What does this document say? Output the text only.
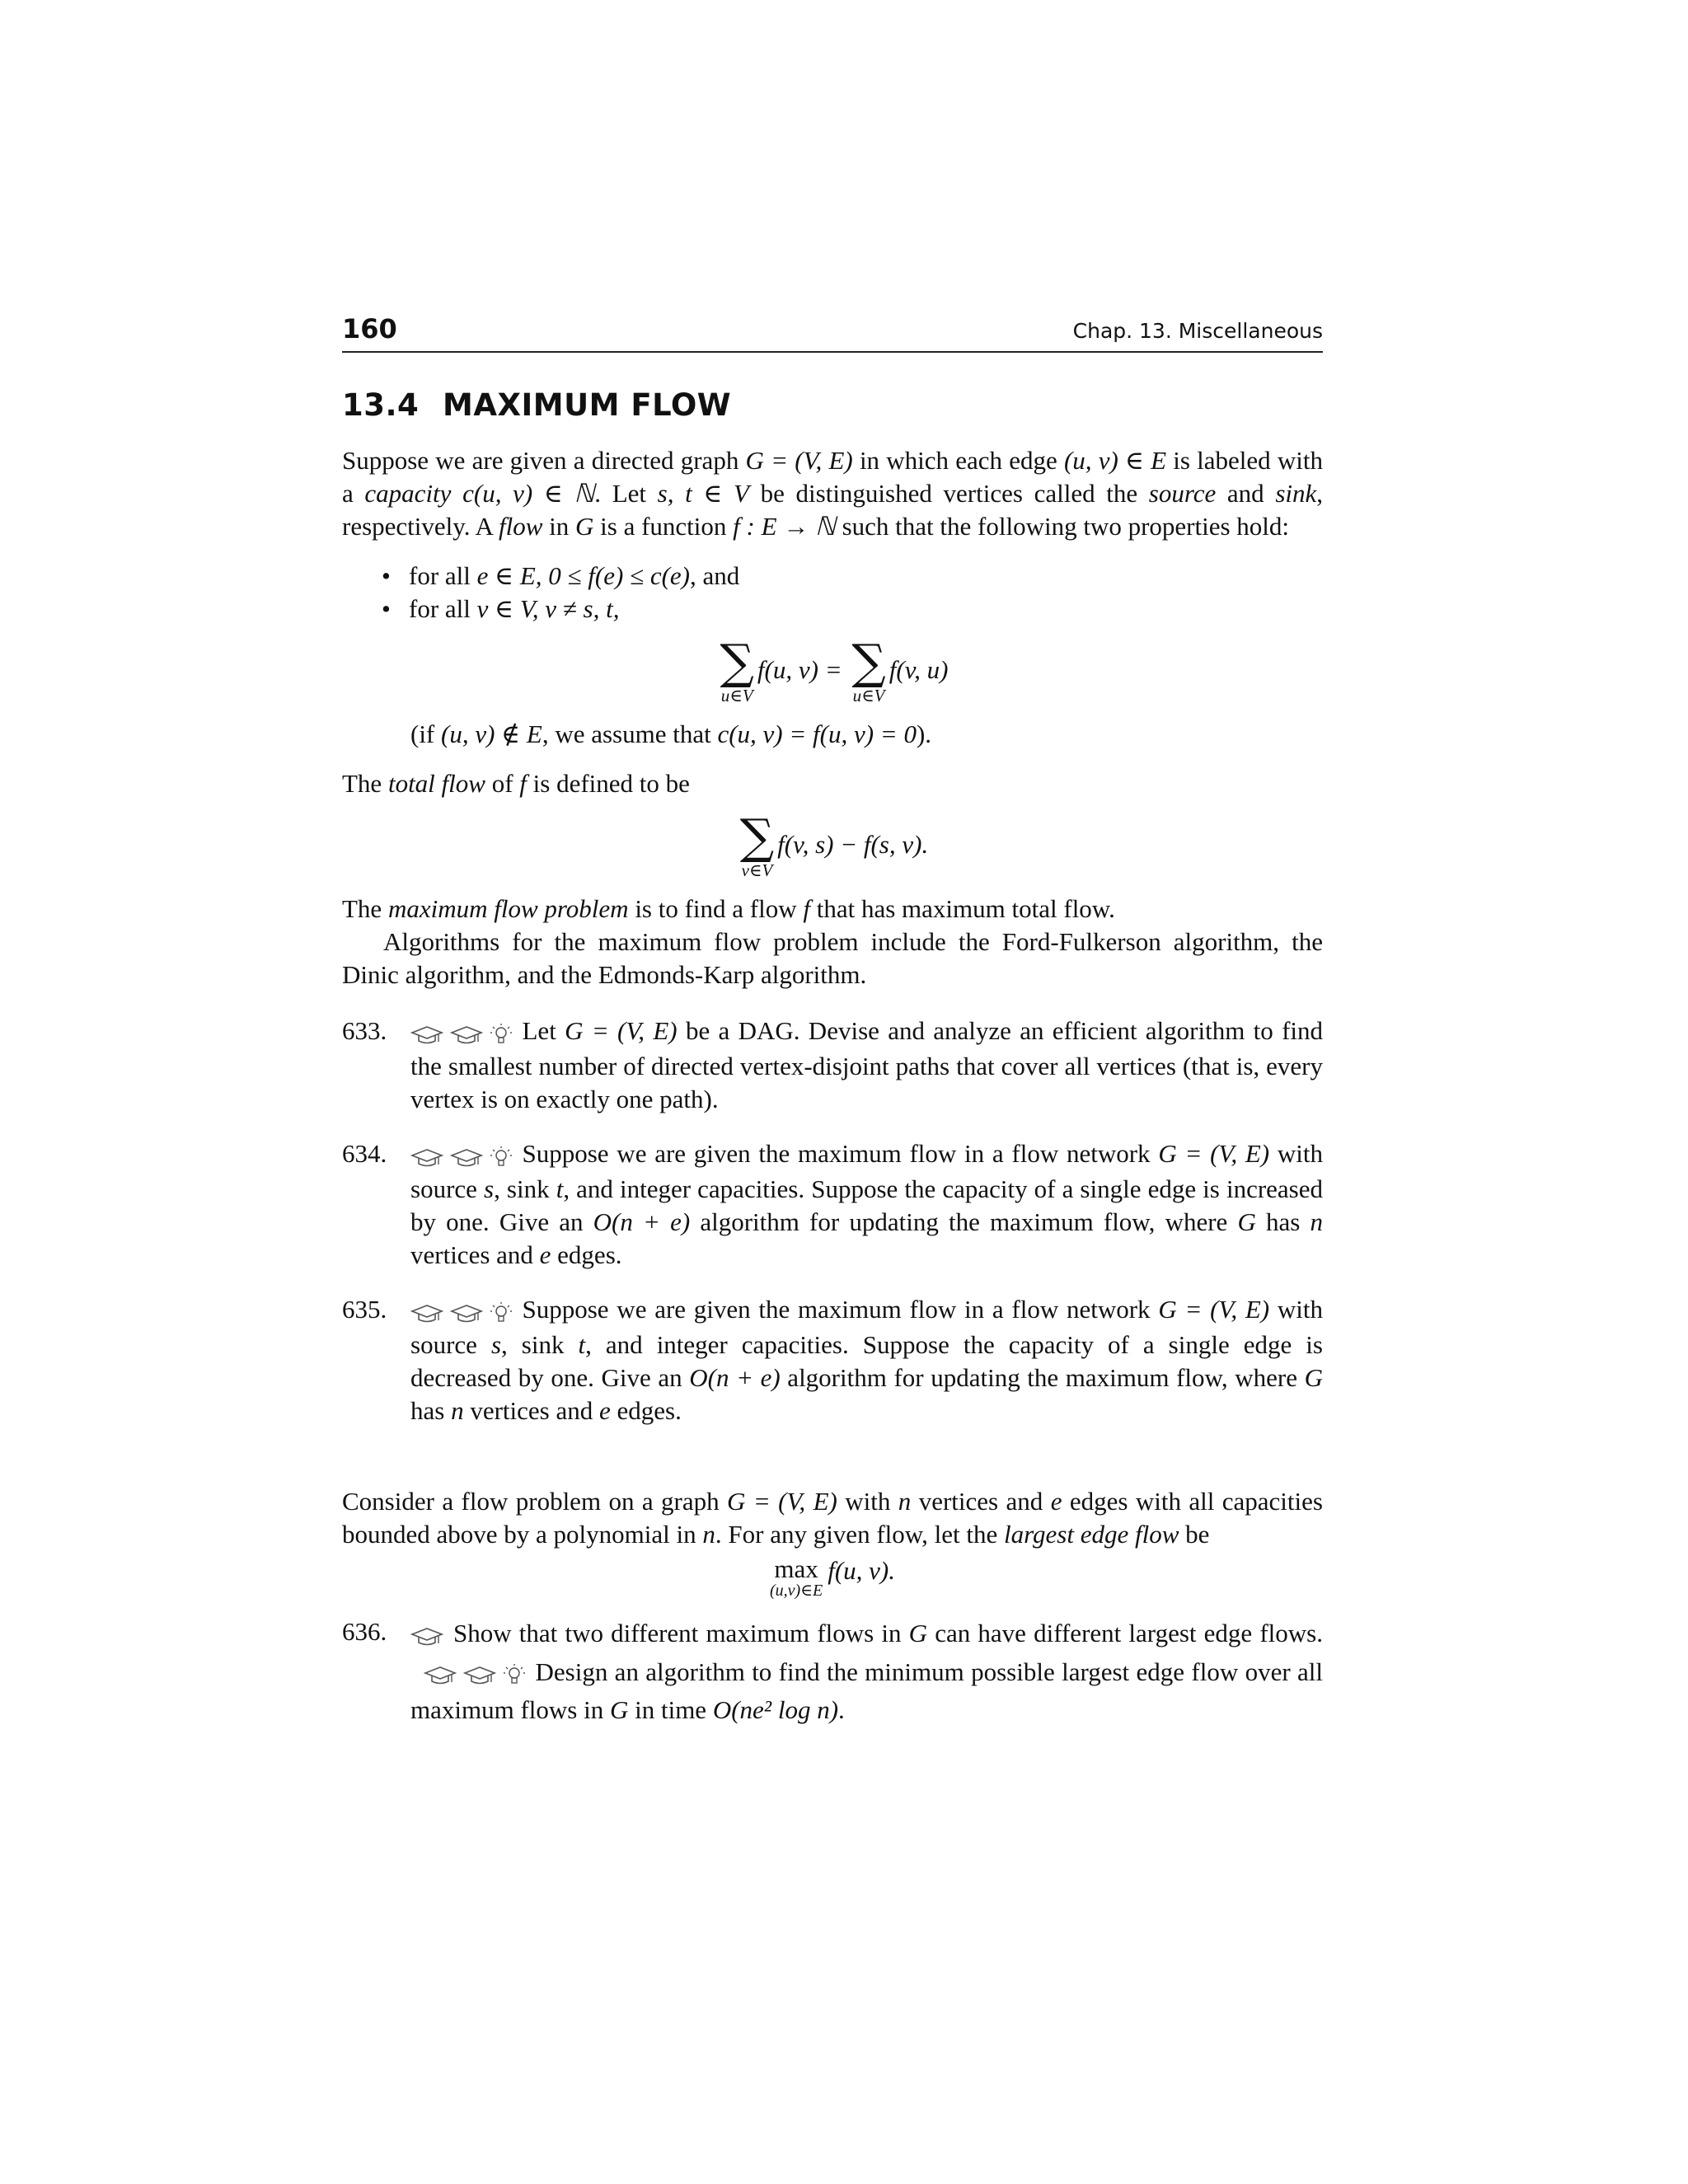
160	Chap. 13. Miscellaneous
13.4 MAXIMUM FLOW

Suppose we are given a directed graph G = (V, E) in which each edge (u, v) ∈ E is labeled with a capacity c(u, v) ∈ ℕ. Let s, t ∈ V be distinguished vertices called the source and sink, respectively. A flow in G is a function f : E → ℕ such that the following two properties hold:

• for all e ∈ E, 0 ≤ f(e) ≤ c(e), and
• for all v ∈ V, v ≠ s, t,
∑
u∈V
f(u, v) = ∑
u∈V
f(v, u)
(if (u, v) ∉ E, we assume that c(u, v) = f(u, v) = 0).

The total flow of f is defined to be

∑
v∈V
f(v, s) − f(s, v).

The maximum flow problem is to find a flow f that has maximum total flow.

Algorithms for the maximum flow problem include the Ford-Fulkerson algorithm, the Dinic algorithm, and the Edmonds-Karp algorithm.

633.	Let G = (V, E) be a DAG. Devise and analyze an efficient algorithm to find the smallest number of directed vertex-disjoint paths that cover all vertices (that is, every vertex is on exactly one path).
634.	Suppose we are given the maximum flow in a flow network G = (V, E) with source s, sink t, and integer capacities. Suppose the capacity of a single edge is increased by one. Give an O(n + e) algorithm for updating the maximum flow, where G has n vertices and e edges.
635.	Suppose we are given the maximum flow in a flow network G = (V, E) with source s, sink t, and integer capacities. Suppose the capacity of a single edge is decreased by one. Give an O(n + e) algorithm for updating the maximum flow, where G has n vertices and e edges.

Consider a flow problem on a graph G = (V, E) with n vertices and e edges with all capacities bounded above by a polynomial in n. For any given flow, let the largest edge flow be

max
(u,v)∈E
f(u, v).
636.	Show that two different maximum flows in G can have different largest edge flows.   Design an algorithm to find the minimum possible largest edge flow over all maximum flows in G in time O(ne² log n).
